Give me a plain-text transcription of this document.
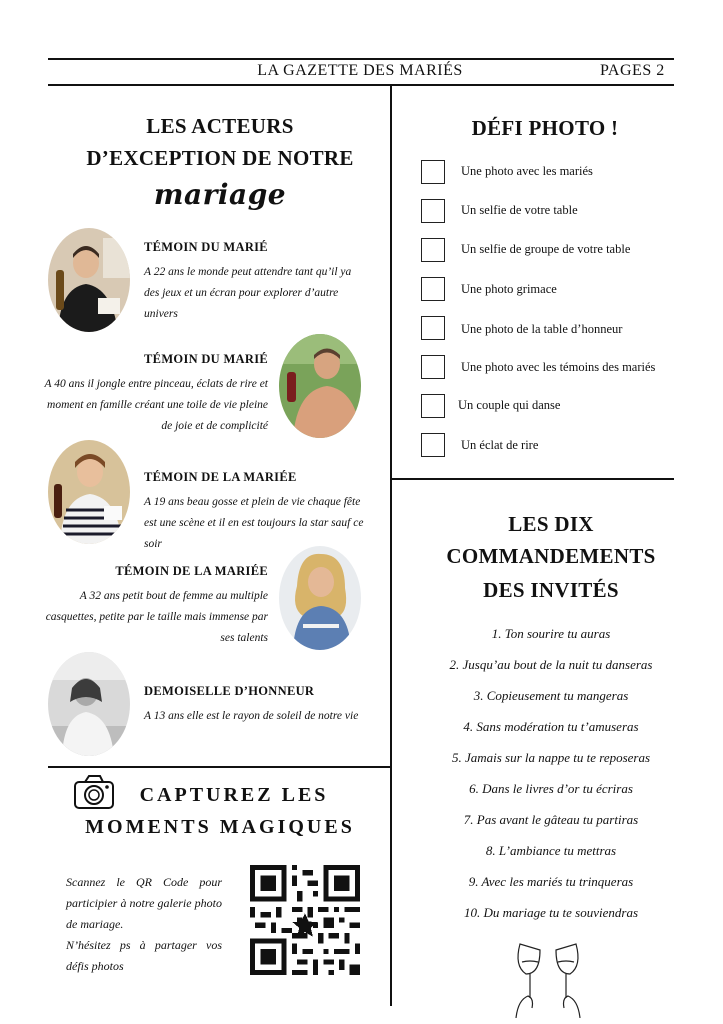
LA GAZETTE DES MARIÉS	PAGES 2
LES ACTEURS
D’EXCEPTION DE NOTRE
mariage
TÉMOIN DU MARIÉ
A 22 ans le monde peut attendre tant qu’il ya
des jeux et un écran pour explorer d’autre
univers
TÉMOIN DU MARIÉ
A 40 ans il jongle entre pinceau, éclats de rire et
moment en famille créant une toile de vie pleine
de joie et de complicité
TÉMOIN DE LA MARIÉE
A 19 ans beau gosse et plein de vie chaque fête
est une scène et il en est toujours la star sauf ce
soir
TÉMOIN DE LA MARIÉE
A 32 ans petit bout de femme au multiple
casquettes, petite par le taille mais immense par
ses talents
DEMOISELLE D’HONNEUR
A 13 ans elle est le rayon de soleil de notre vie
CAPTUREZ LES
MOMENTS MAGIQUES
Scannez le QR Code pour participier à notre galerie photo de mariage.
N’hésitez ps à partager vos défis photos
DÉFI PHOTO !
Une photo avec les mariés
Un selfie de votre table
Un selfie de groupe de votre table
Une photo grimace
Une photo de la table d’honneur
Une photo avec les témoins des mariés
Un couple qui danse
Un éclat de rire
LES DIX
COMMANDEMENTS
DES INVITÉS
1. Ton sourire tu auras
2. Jusqu’au bout de la nuit tu danseras
3. Copieusement tu mangeras
4. Sans modération tu t’amuseras
5. Jamais sur la nappe tu te reposeras
6. Dans le livres d’or tu écriras
7. Pas avant le gâteau tu partiras
8. L’ambiance tu mettras
9. Avec les mariés tu trinqueras
10. Du mariage tu te souviendras
